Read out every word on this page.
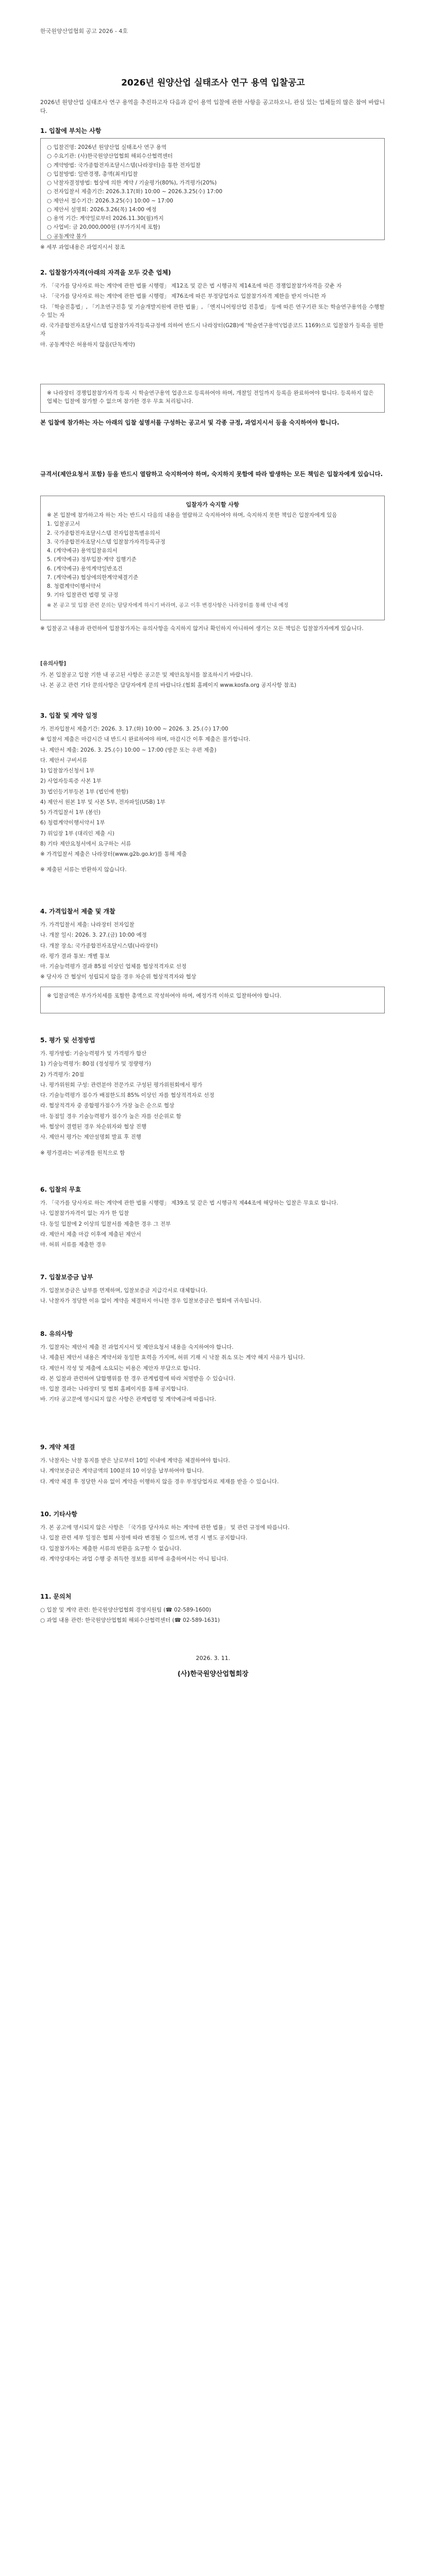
한국원양산업협회 공고 2026 - 4호
2026년 원양산업 실태조사 연구 용역 입찰공고
2026년 원양산업 실태조사 연구 용역을 추진하고자 다음과 같이 용역 입찰에 관한 사항을 공고하오니, 관심 있는 업체들의 많은 참여 바랍니다.
1. 입찰에 부치는 사항
○ 입찰건명: 2026년 원양산업 실태조사 연구 용역
○ 수요기관: (사)한국원양산업협회 해외수산협력센터
○ 계약방법: 국가종합전자조달시스템(나라장터)을 통한 전자입찰
○ 입찰방법: 일반경쟁, 총액(최저)입찰
○ 낙찰자결정방법: 협상에 의한 계약 / 기술평가(80%), 가격평가(20%)
○ 전자입찰서 제출기간: 2026.3.17(화) 10:00 ~ 2026.3.25(수) 17:00
○ 제안서 접수기간: 2026.3.25(수) 10:00 ~ 17:00
○ 제안서 설명회: 2026.3.26(목) 14:00 예정
○ 용역 기간: 계약일로부터 2026.11.30(월)까지
○ 사업비: 금 20,000,000원 (부가가치세 포함)
○ 공동계약 불가
※ 세부 과업내용은 과업지시서 참조
2. 입찰참가자격(아래의 자격을 모두 갖춘 업체)
가. 「국가를 당사자로 하는 계약에 관한 법률 시행령」 제12조 및 같은 법 시행규칙 제14조에 따른 경쟁입찰참가자격을 갖춘 자
나. 「국가를 당사자로 하는 계약에 관한 법률 시행령」 제76조에 따른 부정당업자로 입찰참가자격 제한을 받지 아니한 자
다. 「학술진흥법」, 「기초연구진흥 및 기술개발지원에 관한 법률」, 「엔지니어링산업 진흥법」 등에 따른 연구기관 또는 학술연구용역을 수행할 수 있는 자
라. 국가종합전자조달시스템 입찰참가자격등록규정에 의하여 반드시 나라장터(G2B)에 '학술연구용역'(업종코드 1169)으로 입찰참가 등록을 필한 자
마. 공동계약은 허용하지 않음(단독계약)
※ 나라장터 경쟁입찰참가자격 등록 시 학술연구용역 업종으로 등록하여야 하며, 개찰일 전일까지 등록을 완료하여야 합니다. 등록하지 않은 업체는 입찰에 참가할 수 없으며 참가한 경우 무효 처리됩니다.
본 입찰에 참가하는 자는 아래의 입찰 설명서를 구성하는 공고서 및 각종 규정, 과업지시서 등을 숙지하여야 합니다.
규격서(제안요청서 포함) 등을 반드시 열람하고 숙지하여야 하며, 숙지하지 못함에 따라 발생하는 모든 책임은 입찰자에게 있습니다.
입찰자가 숙지할 사항
※ 본 입찰에 참가하고자 하는 자는 반드시 다음의 내용을 열람하고 숙지하여야 하며, 숙지하지 못한 책임은 입찰자에게 있음
1. 입찰공고서
2. 국가종합전자조달시스템 전자입찰특별유의서
3. 국가종합전자조달시스템 입찰참가자격등록규정
4. (계약예규) 용역입찰유의서
5. (계약예규) 정부입찰·계약 집행기준
6. (계약예규) 용역계약일반조건
7. (계약예규) 협상에의한계약체결기준
8. 청렴계약이행서약서
9. 기타 입찰관련 법령 및 규정
※ 본 공고 및 입찰 관련 문의는 담당자에게 하시기 바라며, 공고 이후 변경사항은 나라장터를 통해 안내 예정
※ 입찰공고 내용과 관련하여 입찰참가자는 유의사항을 숙지하지 않거나 확인하지 아니하여 생기는 모든 책임은 입찰참가자에게 있습니다.
[유의사항]
가. 본 입찰공고 입찰 기한 내 공고된 사항은 공고문 및 제안요청서를 참조하시기 바랍니다.
나. 본 공고 관련 기타 문의사항은 담당자에게 문의 바랍니다.(협회 홈페이지 www.kosfa.org 공지사항 참조)
3. 입찰 및 계약 일정
가. 전자입찰서 제출기간: 2026. 3. 17.(화) 10:00 ~ 2026. 3. 25.(수) 17:00
※ 입찰서 제출은 마감시간 내 반드시 완료하여야 하며, 마감시간 이후 제출은 불가합니다.
나. 제안서 제출: 2026. 3. 25.(수) 10:00 ~ 17:00 (방문 또는 우편 제출)
다. 제안서 구비서류
1) 입찰참가신청서 1부
2) 사업자등록증 사본 1부
3) 법인등기부등본 1부 (법인에 한함)
4) 제안서 원본 1부 및 사본 5부, 전자파일(USB) 1부
5) 가격입찰서 1부 (봉인)
6) 청렴계약이행서약서 1부
7) 위임장 1부 (대리인 제출 시)
8) 기타 제안요청서에서 요구하는 서류
※ 가격입찰서 제출은 나라장터(www.g2b.go.kr)를 통해 제출
※ 제출된 서류는 반환하지 않습니다.
4. 가격입찰서 제출 및 개찰
가. 가격입찰서 제출: 나라장터 전자입찰
나. 개찰 일시: 2026. 3. 27.(금) 10:00 예정
다. 개찰 장소: 국가종합전자조달시스템(나라장터)
라. 평가 결과 통보: 개별 통보
마. 기술능력평가 결과 85점 이상인 업체를 협상적격자로 선정
※ 당사자 간 협상이 성립되지 않을 경우 차순위 협상적격자와 협상
※ 입찰금액은 부가가치세를 포함한 총액으로 작성하여야 하며, 예정가격 이하로 입찰하여야 합니다.
5. 평가 및 선정방법
가. 평가방법: 기술능력평가 및 가격평가 합산
1) 기술능력평가: 80점 (정성평가 및 정량평가)
2) 가격평가: 20점
나. 평가위원회 구성: 관련분야 전문가로 구성된 평가위원회에서 평가
다. 기술능력평가 점수가 배점한도의 85% 이상인 자를 협상적격자로 선정
라. 협상적격자 중 종합평가점수가 가장 높은 순으로 협상
마. 동점일 경우 기술능력평가 점수가 높은 자를 선순위로 함
바. 협상이 결렬된 경우 차순위자와 협상 진행
사. 제안서 평가는 제안설명회 발표 후 진행
※ 평가결과는 비공개를 원칙으로 함
6. 입찰의 무효
가. 「국가를 당사자로 하는 계약에 관한 법률 시행령」 제39조 및 같은 법 시행규칙 제44조에 해당하는 입찰은 무효로 합니다.
나. 입찰참가자격이 없는 자가 한 입찰
다. 동일 입찰에 2 이상의 입찰서를 제출한 경우 그 전부
라. 제안서 제출 마감 이후에 제출된 제안서
마. 허위 서류를 제출한 경우
7. 입찰보증금 납부
가. 입찰보증금은 납부를 면제하며, 입찰보증금 지급각서로 대체합니다.
나. 낙찰자가 정당한 이유 없이 계약을 체결하지 아니한 경우 입찰보증금은 협회에 귀속됩니다.
8. 유의사항
가. 입찰자는 제안서 제출 전 과업지시서 및 제안요청서 내용을 숙지하여야 합니다.
나. 제출된 제안서 내용은 계약서와 동일한 효력을 가지며, 허위 기재 시 낙찰 취소 또는 계약 해지 사유가 됩니다.
다. 제안서 작성 및 제출에 소요되는 비용은 제안자 부담으로 합니다.
라. 본 입찰과 관련하여 담합행위를 한 경우 관계법령에 따라 처벌받을 수 있습니다.
마. 입찰 결과는 나라장터 및 협회 홈페이지를 통해 공지합니다.
바. 기타 공고문에 명시되지 않은 사항은 관계법령 및 계약예규에 따릅니다.
9. 계약 체결
가. 낙찰자는 낙찰 통지를 받은 날로부터 10일 이내에 계약을 체결하여야 합니다.
나. 계약보증금은 계약금액의 100분의 10 이상을 납부하여야 합니다.
다. 계약 체결 후 정당한 사유 없이 계약을 이행하지 않을 경우 부정당업자로 제재를 받을 수 있습니다.
10. 기타사항
가. 본 공고에 명시되지 않은 사항은 「국가를 당사자로 하는 계약에 관한 법률」 및 관련 규정에 따릅니다.
나. 입찰 관련 세부 일정은 협회 사정에 따라 변경될 수 있으며, 변경 시 별도 공지합니다.
다. 입찰참가자는 제출한 서류의 반환을 요구할 수 없습니다.
라. 계약상대자는 과업 수행 중 취득한 정보를 외부에 유출하여서는 아니 됩니다.
11. 문의처
○ 입찰 및 계약 관련: 한국원양산업협회 경영지원팀 (☎ 02-589-1600)
○ 과업 내용 관련: 한국원양산업협회 해외수산협력센터 (☎ 02-589-1631)
2026. 3. 11.
(사)한국원양산업협회장
